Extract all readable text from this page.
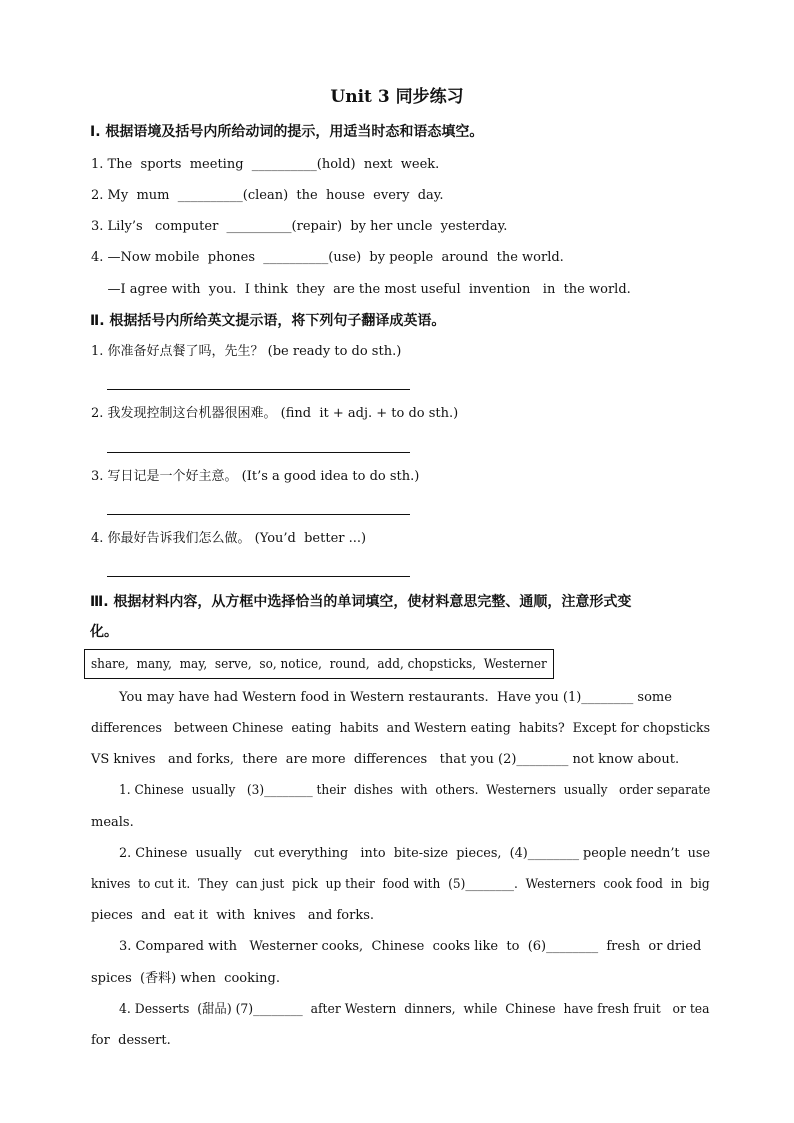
Unit 3 同步练习
Ⅰ. 根据语境及括号内所给动词的提示，用适当时态和语态填空。
1. The  sports  meeting  __________(hold)  next  week.
2. My  mum  __________(clean)  the  house  every  day.
3. Lily’s   computer  __________(repair)  by her uncle  yesterday.
4. —Now mobile  phones  __________(use)  by people  around  the world.
—I agree with  you.  I think  they  are the most useful  invention   in  the world.
Ⅱ. 根据括号内所给英文提示语，将下列句子翻译成英语。
1. 你准备好点餐了吗，先生？ (be ready to do sth.)
2. 我发现控制这台机器很困难。 (find  it + adj. + to do sth.)
3. 写日记是一个好主意。 (It’s a good idea to do sth.)
4. 你最好告诉我们怎么做。 (You’d  better ...)
Ⅲ. 根据材料内容，从方框中选择恰当的单词填空，使材料意思完整、通顺，注意形式变
化。
share,  many,  may,  serve,  so, notice,  round,  add, chopsticks,  Westerner
You may have had Western food in Western restaurants.  Have you (1)________ some
differences   between Chinese  eating  habits  and Western eating  habits?  Except for chopsticks
VS knives   and forks,  there  are more  differences   that you (2)________ not know about.
1. Chinese  usually   (3)________ their  dishes  with  others.  Westerners  usually   order separate
meals.
2. Chinese  usually   cut everything   into  bite-size  pieces,  (4)________ people needn’t  use
knives  to cut it.  They  can just  pick  up their  food with  (5)________.  Westerners  cook food  in  big
pieces  and  eat it  with  knives   and forks.
3. Compared with   Westerner cooks,  Chinese  cooks like  to  (6)________  fresh  or dried
spices  (香料) when  cooking.
4. Desserts  (甜品) (7)________  after Western  dinners,  while  Chinese  have fresh fruit   or tea
for  dessert.
